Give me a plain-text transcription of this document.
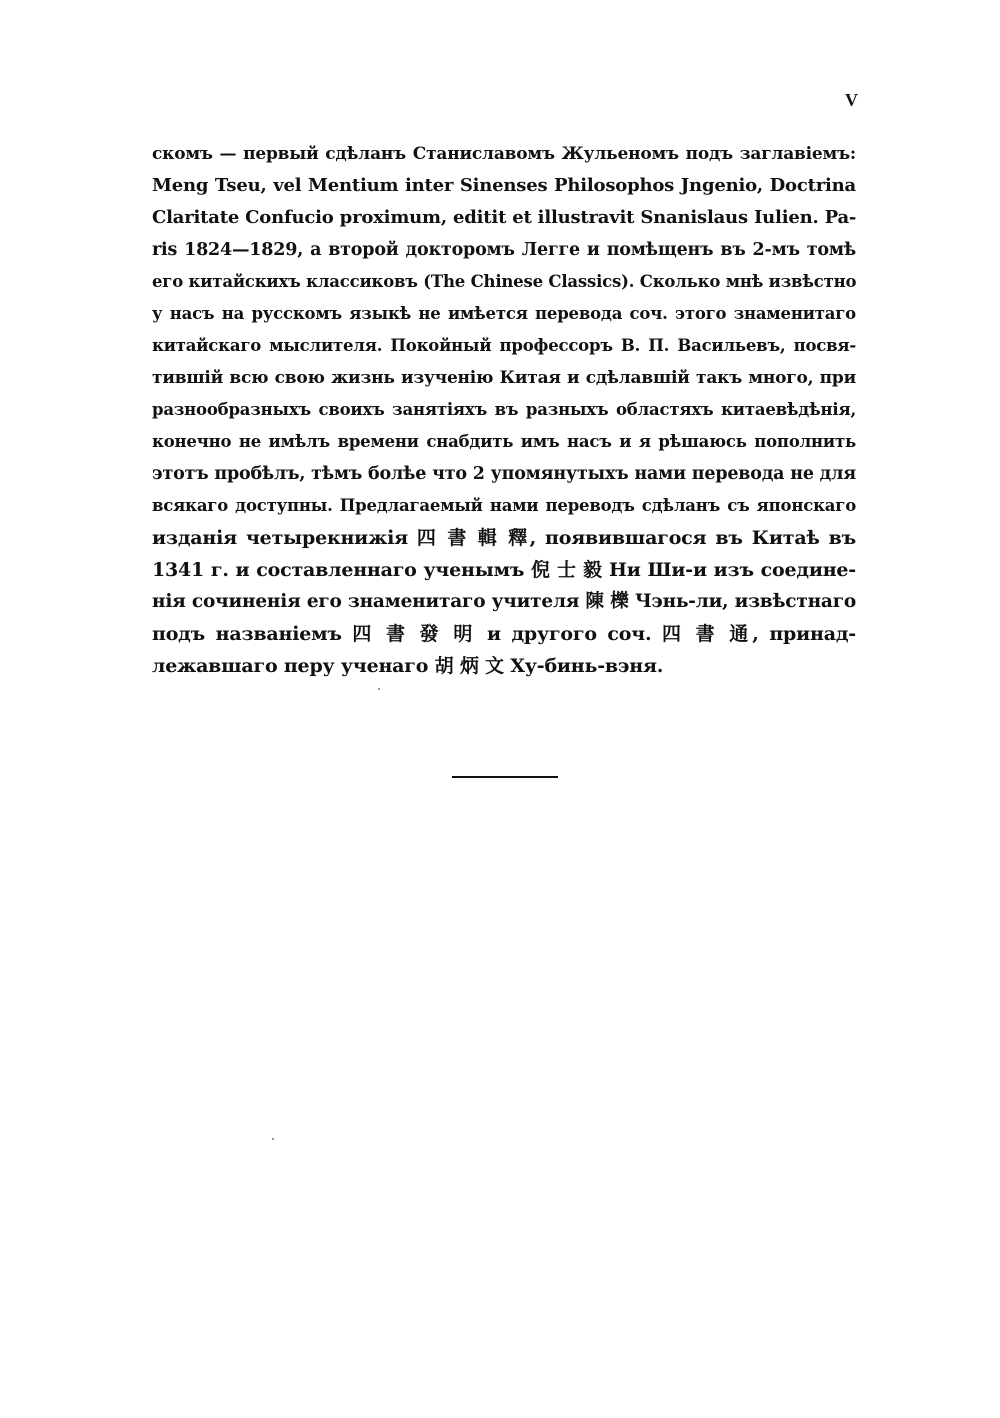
V
скомъ — первый сдѣланъ Станиславомъ Жульеномъ подъ заглавіемъ:
Meng Tseu, vel Mentium inter Sinenses Philosophos Jngenio, Doctrina
Claritate Confucio proximum, editit et illustravit Snanislaus Iulien. Pa-
ris 1824—1829, а второй докторомъ Легге и помѣщенъ въ 2-мъ томѣ
его китайскихъ классиковъ (The Chinese Classics). Сколько мнѣ извѣстно
у насъ на русскомъ языкѣ не имѣется перевода соч. этого знаменитаго
китайскаго мыслителя. Покойный профессоръ В. П. Васильевъ, посвя-
тившій всю свою жизнь изученію Китая и сдѣлавшій такъ много, при
разнообразныхъ своихъ занятіяхъ въ разныхъ областяхъ китаевѣдѣнія,
конечно не имѣлъ времени снабдить имъ насъ и я рѣшаюсь пополнить
этотъ пробѣлъ, тѣмъ болѣе что 2 упомянутыхъ нами перевода не для
всякаго доступны. Предлагаемый нами переводъ сдѣланъ съ японскаго
изданія четырекнижія 四 書 輯 釋, появившагося въ Китаѣ въ
1341 г. и составленнаго ученымъ 倪 士 毅 Ни Ши-и изъ соедине-
нія сочиненія его знаменитаго учителя 陳 櫟 Чэнь-ли, извѣстнаго
подъ названіемъ 四 書 發 明 и другого соч. 四 書 通, принад-
лежавшаго перу ученаго 胡 炳 文 Ху-бинь-вэня.
